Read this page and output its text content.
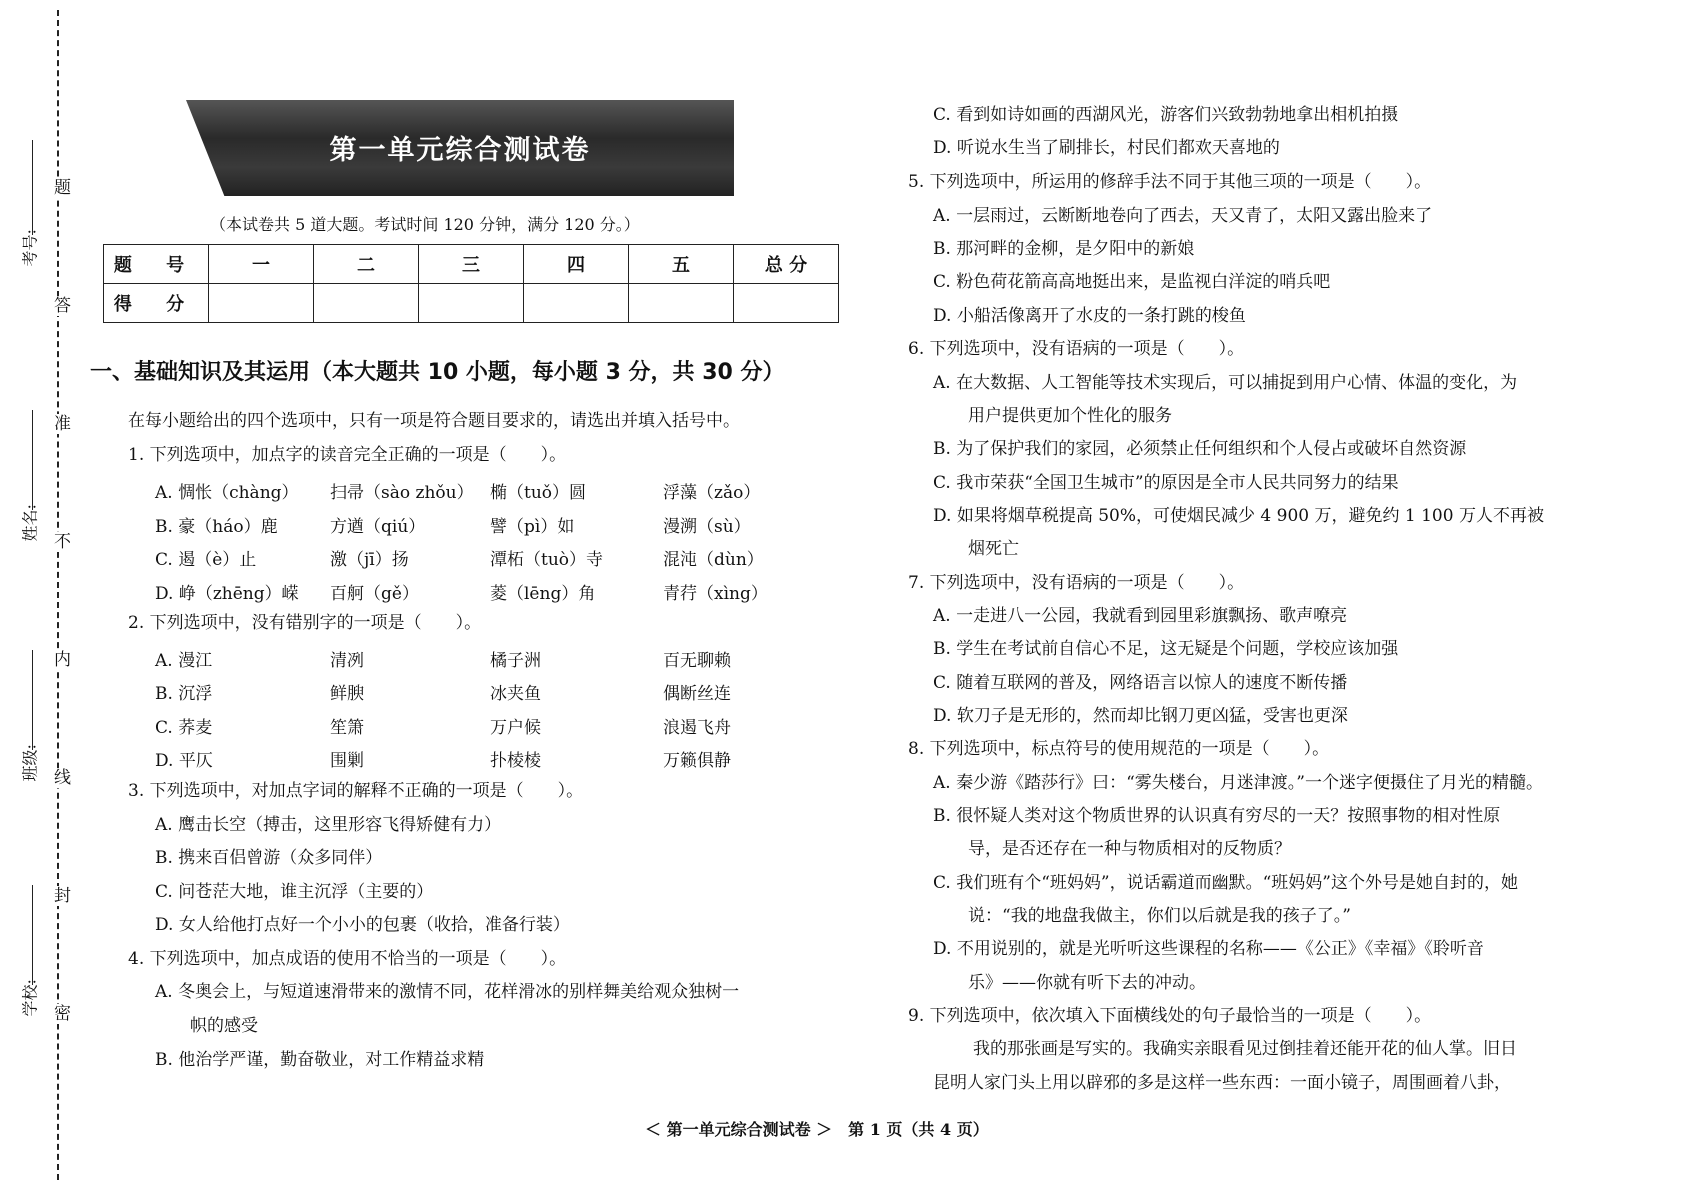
题
答
准
不
内
线
封
密
考号:
姓名:
班级:
学校:
第一单元综合测试卷
（本试卷共 5 道大题。考试时间 120 分钟，满分 120 分。）
题 号	一	二	三	四	五	总 分
得 分						
一、基础知识及其运用（本大题共 10 小题，每小题 3 分，共 30 分）
在每小题给出的四个选项中，只有一项是符合题目要求的，请选出并填入括号中。
1. 下列选项中，加点字的读音完全正确的一项是（　　）。
A. 惆怅（chàng） 扫帚（sào zhǒu） 椭（tuǒ）圆	浮藻（zǎo）
B. 豪（háo）鹿	方遒（qiú）	譬（pì）如	漫溯（sù）
C. 遏（è）止	激（jī）扬	潭柘（tuò）寺	混沌（dùn）
D. 峥（zhēng）嵘 百舸（gě）	菱（lēng）角	青荇（xìng）
2. 下列选项中，没有错别字的一项是（　　）。
A. 漫江	清冽	橘子洲	百无聊赖
B. 沉浮	鲜腴	冰夹鱼	偶断丝连
C. 荞麦	笙箫	万户候	浪遏飞舟
D. 平仄	围剿	扑棱棱	万籁俱静
3. 下列选项中，对加点字词的解释不正确的一项是（　　）。
A. 鹰击长空（搏击，这里形容飞得矫健有力）
B. 携来百侣曾游（众多同伴）
C. 问苍茫大地，谁主沉浮（主要的）
D. 女人给他打点好一个小小的包裹（收拾，准备行装）
4. 下列选项中，加点成语的使用不恰当的一项是（　　）。
A. 冬奥会上，与短道速滑带来的激情不同，花样滑冰的别样舞美给观众独树一
帜的感受
B. 他治学严谨，勤奋敬业，对工作精益求精
C. 看到如诗如画的西湖风光，游客们兴致勃勃地拿出相机拍摄
D. 听说水生当了刷排长，村民们都欢天喜地的
5. 下列选项中，所运用的修辞手法不同于其他三项的一项是（　　）。
A. 一层雨过，云断断地卷向了西去，天又青了，太阳又露出脸来了
B. 那河畔的金柳，是夕阳中的新娘
C. 粉色荷花箭高高地挺出来，是监视白洋淀的哨兵吧
D. 小船活像离开了水皮的一条打跳的梭鱼
6. 下列选项中，没有语病的一项是（　　）。
A. 在大数据、人工智能等技术实现后，可以捕捉到用户心情、体温的变化，为
用户提供更加个性化的服务
B. 为了保护我们的家园，必须禁止任何组织和个人侵占或破坏自然资源
C. 我市荣获“全国卫生城市”的原因是全市人民共同努力的结果
D. 如果将烟草税提高 50%，可使烟民减少 4 900 万，避免约 1 100 万人不再被
烟死亡
7. 下列选项中，没有语病的一项是（　　）。
A. 一走进八一公园，我就看到园里彩旗飘扬、歌声嘹亮
B. 学生在考试前自信心不足，这无疑是个问题，学校应该加强
C. 随着互联网的普及，网络语言以惊人的速度不断传播
D. 软刀子是无形的，然而却比钢刀更凶猛，受害也更深
8. 下列选项中，标点符号的使用规范的一项是（　　）。
A. 秦少游《踏莎行》曰：“雾失楼台，月迷津渡。”一个迷字便摄住了月光的精髓。
B. 很怀疑人类对这个物质世界的认识真有穷尽的一天？按照事物的相对性原
导，是否还存在一种与物质相对的反物质？
C. 我们班有个“班妈妈”，说话霸道而幽默。“班妈妈”这个外号是她自封的，她
说：“我的地盘我做主，你们以后就是我的孩子了。”
D. 不用说别的，就是光听听这些课程的名称——《公正》《幸福》《聆听音
乐》——你就有听下去的冲动。
9. 下列选项中，依次填入下面横线处的句子最恰当的一项是（　　）。
我的那张画是写实的。我确实亲眼看见过倒挂着还能开花的仙人掌。旧日
昆明人家门头上用以辟邪的多是这样一些东西：一面小镜子，周围画着八卦，
＜ 第一单元综合测试卷 ＞　第 1 页（共 4 页）
